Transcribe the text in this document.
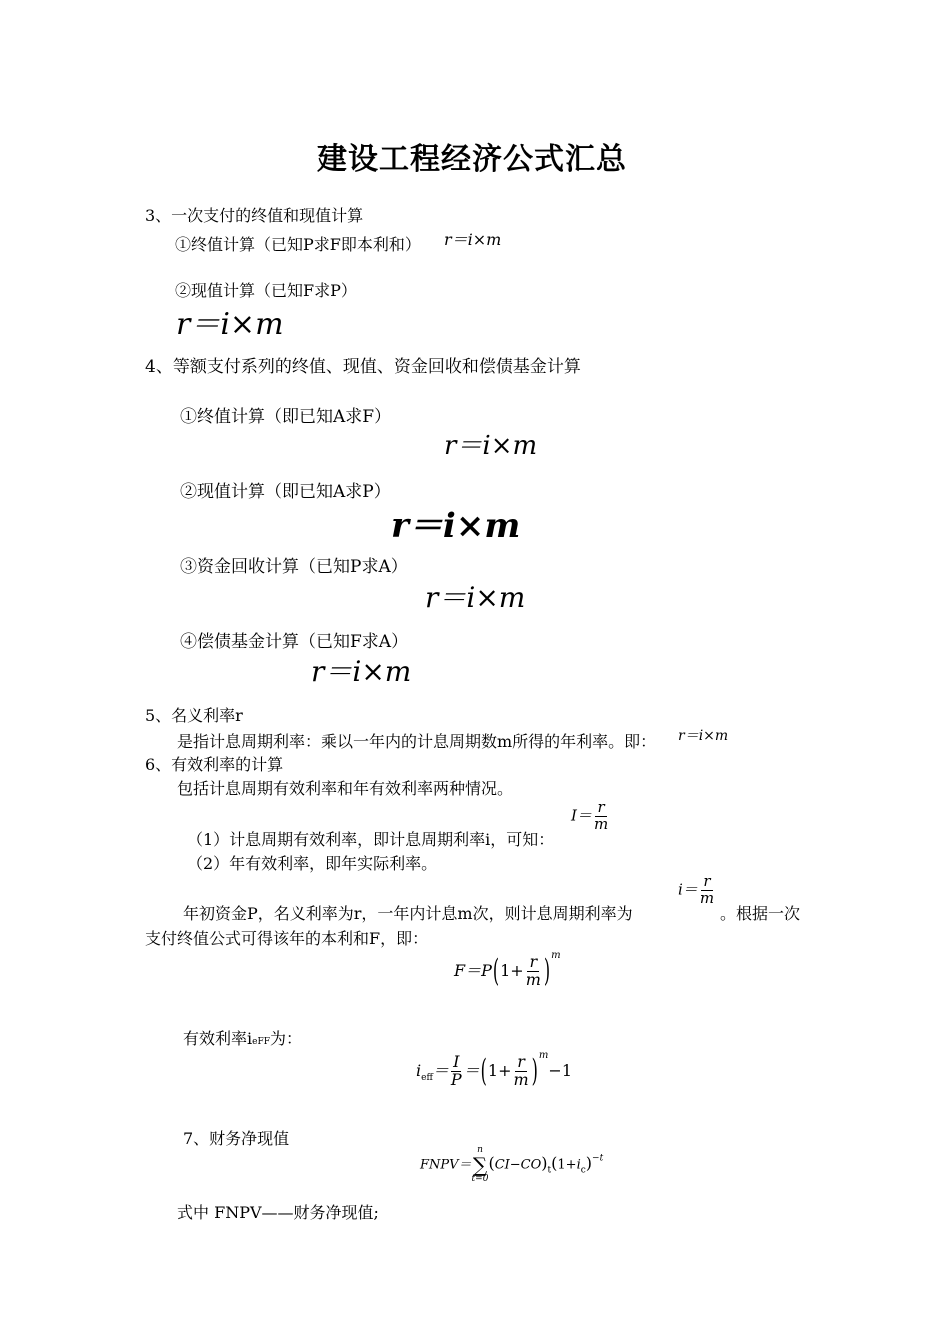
建设工程经济公式汇总
3、一次支付的终值和现值计算
①终值计算（已知P求F即本利和） r＝i×m
②现值计算（已知F求P）
r＝i×m
4、等额支付系列的终值、现值、资金回收和偿债基金计算
①终值计算（即已知A求F）
r＝i×m
②现值计算（即已知A求P）
r＝i×m
③资金回收计算（已知P求A）
r＝i×m
④偿债基金计算（已知F求A）
r＝i×m
5、名义利率r
是指计息周期利率：乘以一年内的计息周期数m所得的年利率。即： r＝i×m
6、有效利率的计算
包括计息周期有效利率和年有效利率两种情况。
（1）计息周期有效利率，即计息周期利率i，可知：
$I= \frac{r}{m}$
（2）年有效利率，即年实际利率。
年初资金P，名义利率为r，一年内计息m次，则计息周期利率为
$i= \frac{r}{m}$
。根据一次
支付终值公式可得该年的本利和F，即：
$F=P(1+ \frac{r}{m} )^m$
有效利率ieFF为：
$i_{eff}= \frac{I}{P} =(1+ \frac{r}{m} )^m-1$
7、财务净现值
FNPV＝
n
∑
t=0
$(CI-CO)_t(1+i_c)^{-t}$
式中 FNPV——财务净现值;
